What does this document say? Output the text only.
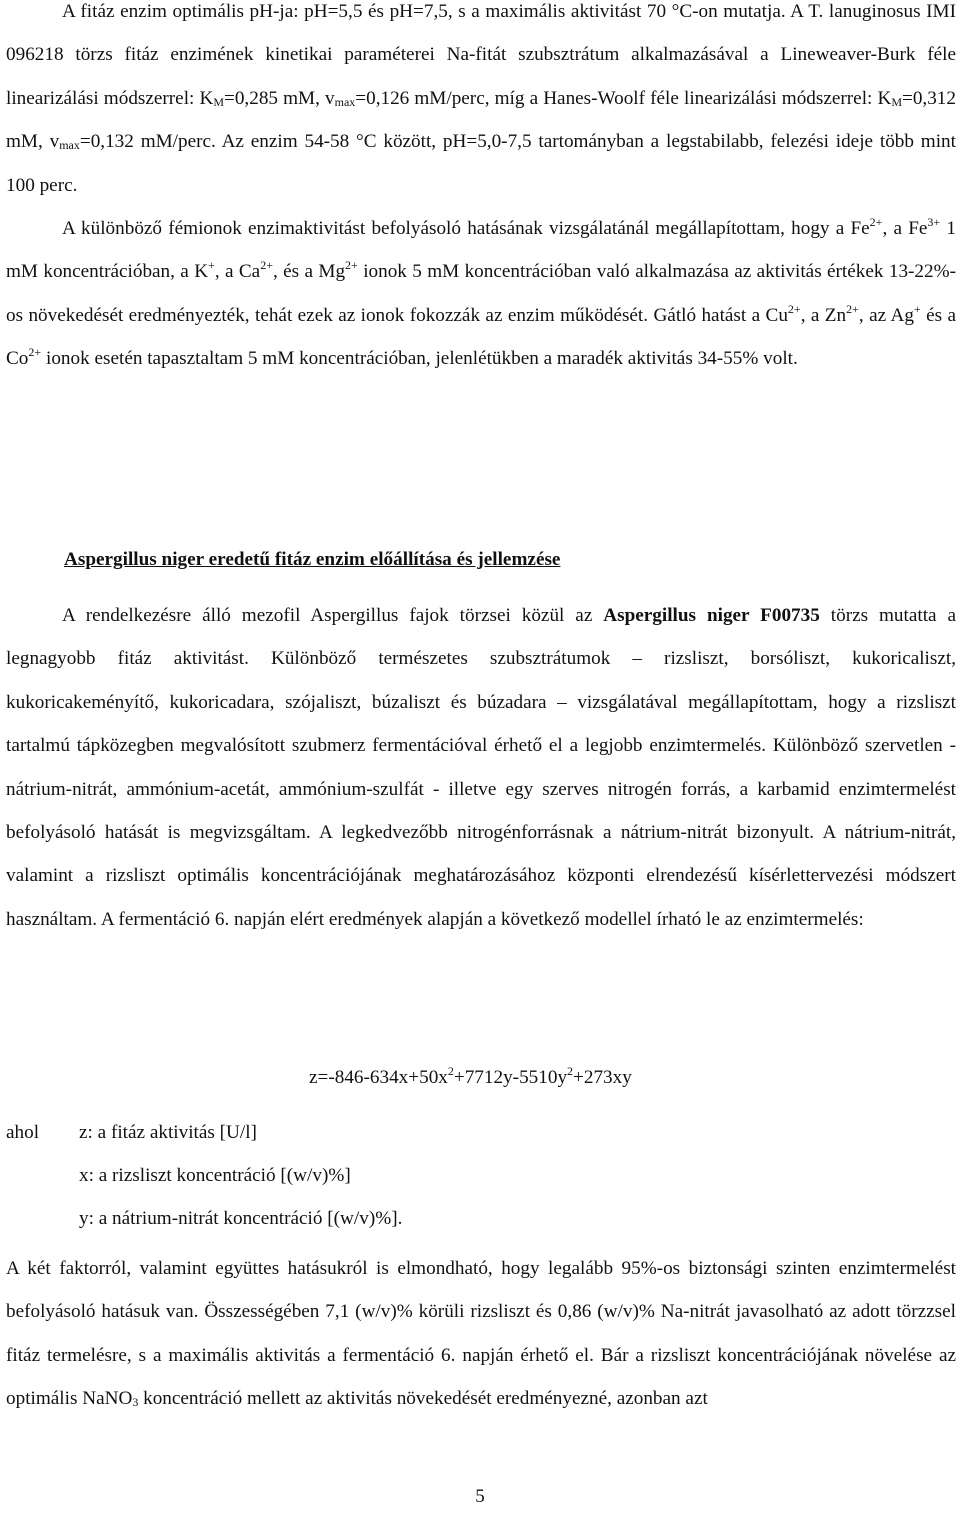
A fitáz enzim optimális pH-ja: pH=5,5 és pH=7,5, s a maximális aktivitást 70 °C-on mutatja. A T. lanuginosus IMI 096218 törzs fitáz enzimének kinetikai paraméterei Na-fitát szubsztrátum alkalmazásával a Lineweaver-Burk féle linearizálási módszerrel: $K_M=0,285$ mM, $v_{max}=0,126$ mM/perc, míg a Hanes-Woolf féle linearizálási módszerrel: $K_M=0,312$ mM, $v_{max}=0,132$ mM/perc. Az enzim 54-58 °C között, pH=5,0-7,5 tartományban a legstabilabb, felezési ideje több mint 100 perc.

A különböző fémionok enzimaktivitást befolyásoló hatásának vizsgálatánál megállapítottam, hogy a $Fe^{2+}$, a $Fe^{3+}$ 1 mM koncentrációban, a K+, a $Ca^{2+}$, és a $Mg^{2+}$ ionok 5 mM koncentrációban való alkalmazása az aktivitás értékek 13-22%-os növekedését eredményezték, tehát ezek az ionok fokozzák az enzim működését. Gátló hatást a $Cu^{2+}$, a $Zn^{2+}$, az Ag+ és a $Co^{2+}$ ionok esetén tapasztaltam 5 mM koncentrációban, jelenlétükben a maradék aktivitás 34-55% volt.

Aspergillus niger eredetű fitáz enzim előállítása és jellemzése

A rendelkezésre álló mezofil Aspergillus fajok törzsei közül az Aspergillus niger F00735 törzs mutatta a legnagyobb fitáz aktivitást. Különböző természetes szubsztrátumok – rizsliszt, borsóliszt, kukoricaliszt, kukoricakeményítő, kukoricadara, szójaliszt, búzaliszt és búzadara – vizsgálatával megállapítottam, hogy a rizsliszt tartalmú tápközegben megvalósított szubmerz fermentációval érhető el a legjobb enzimtermelés. Különböző szervetlen - nátrium-nitrát, ammónium-acetát, ammónium-szulfát - illetve egy szerves nitrogén forrás, a karbamid enzimtermelést befolyásoló hatását is megvizsgáltam. A legkedvezőbb nitrogénforrásnak a nátrium-nitrát bizonyult. A nátrium-nitrát, valamint a rizsliszt optimális koncentrációjának meghatározásához központi elrendezésű kísérlettervezési módszert használtam. A fermentáció 6. napján elért eredmények alapján a következő modellel írható le az enzimtermelés:

$z=-846-634x+50x^2+7712y-5510y^2+273xy$
ahol z: a fitáz aktivitás [U/l]
x: a rizsliszt koncentráció [(w/v)%]
y: a nátrium-nitrát koncentráció [(w/v)%].

A két faktorról, valamint együttes hatásukról is elmondható, hogy legalább 95%-os biztonsági szinten enzimtermelést befolyásoló hatásuk van. Összességében 7,1 (w/v)% körüli rizsliszt és 0,86 (w/v)% Na-nitrát javasolható az adott törzzsel fitáz termelésre, s a maximális aktivitás a fermentáció 6. napján érhető el. Bár a rizsliszt koncentrációjának növelése az optimális NaNO$_3$ koncentráció mellett az aktivitás növekedését eredményezné, azonban azt

5
